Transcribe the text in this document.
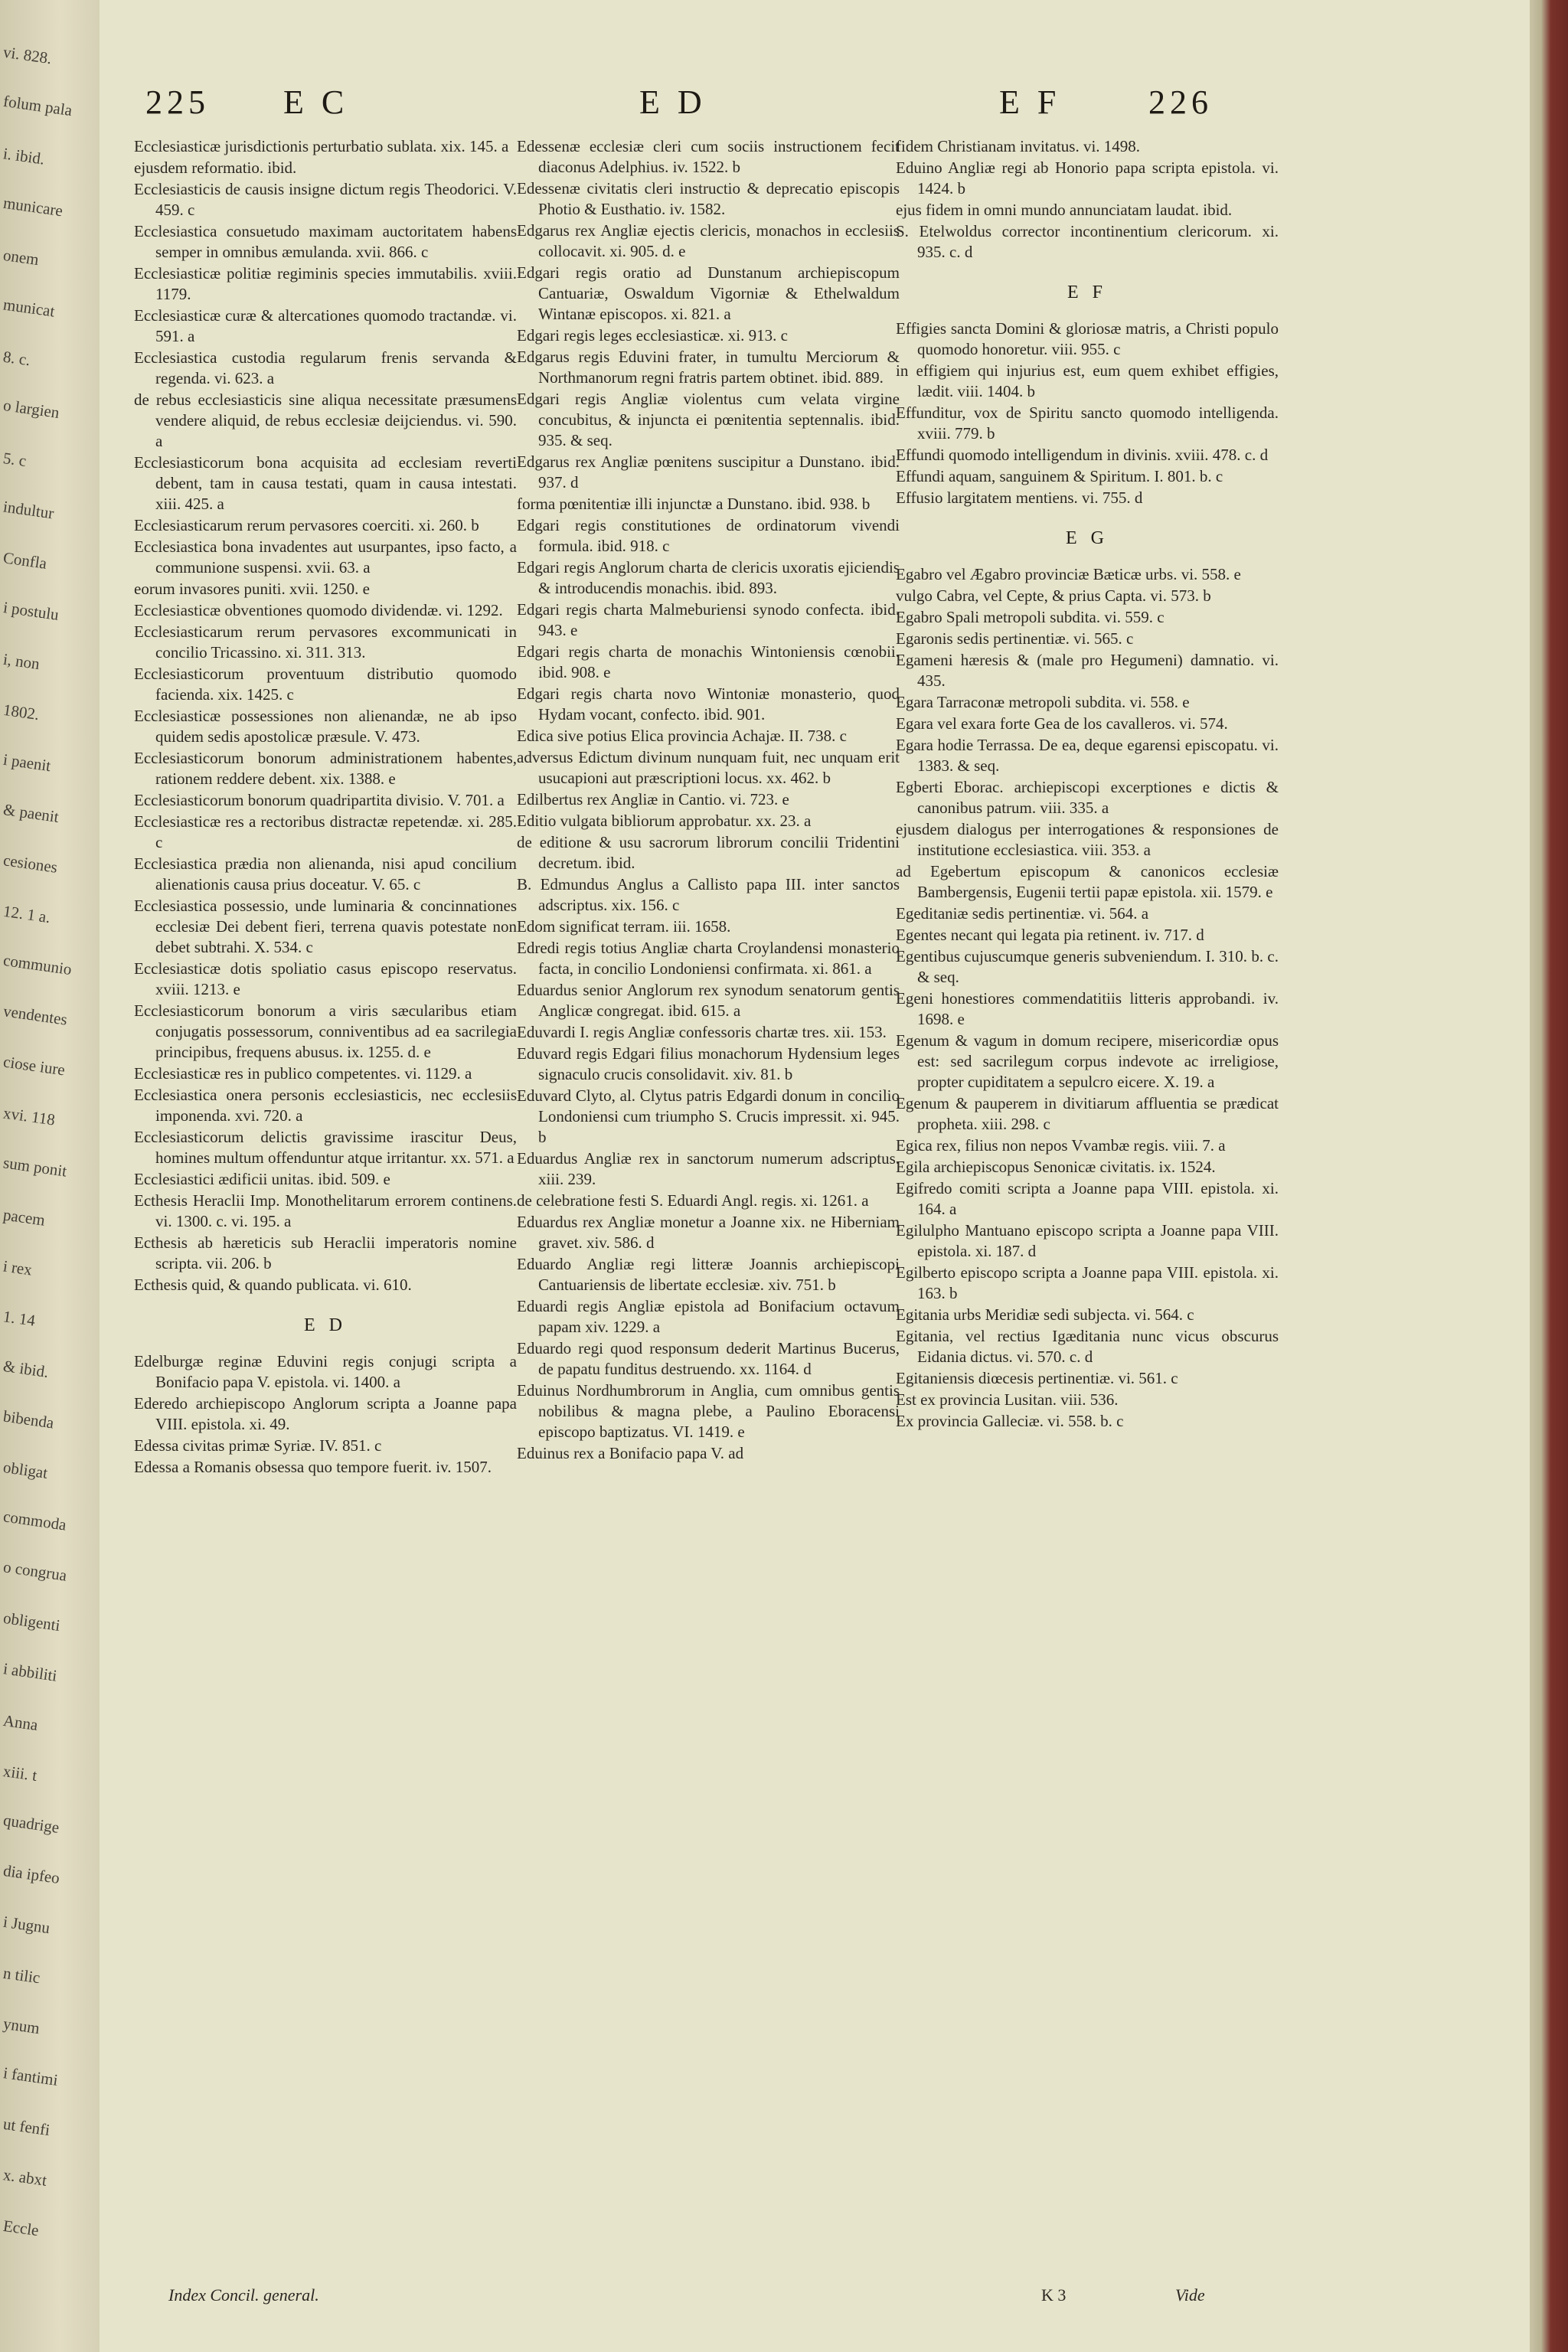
vi. 828.
folum pala
i. ibid.
municare
onem
municat
8. c.
o largien
5. c
indultur
Confla
i postulu
i, non
1802.
i paenit
& paenit
cesiones
12. 1 a.
communio
vendentes
ciose iure
xvi. 118
sum ponit
pacem
i rex
1. 14
& ibid.
bibenda
obligat
commoda
o congrua
obligenti
i abbiliti
Anna
xiii. t
quadrige
dia ipfeo
i Jugnu
n tilic
ynum
i fantimi
ut fenfi
x. abxt
Eccle
225 E C	E D	E F	226
Ecclesiasticæ jurisdictionis perturbatio sublata. xix. 145. a
ejusdem reformatio. ibid.
Ecclesiasticis de causis insigne dictum regis Theodorici. V. 459. c
Ecclesiastica consuetudo maximam auctoritatem habens semper in omnibus æmulanda. xvii. 866. c
Ecclesiasticæ politiæ regiminis species immutabilis. xviii. 1179.
Ecclesiasticæ curæ & altercationes quomodo tractandæ. vi. 591. a
Ecclesiastica custodia regularum frenis servanda & regenda. vi. 623. a
de rebus ecclesiasticis sine aliqua necessitate præsumens vendere aliquid, de rebus ecclesiæ deijciendus. vi. 590. a
Ecclesiasticorum bona acquisita ad ecclesiam reverti debent, tam in causa testati, quam in causa intestati. xiii. 425. a
Ecclesiasticarum rerum pervasores coerciti. xi. 260. b
Ecclesiastica bona invadentes aut usurpantes, ipso facto, a communione suspensi. xvii. 63. a
eorum invasores puniti. xvii. 1250. e
Ecclesiasticæ obventiones quomodo dividendæ. vi. 1292.
Ecclesiasticarum rerum pervasores excommunicati in concilio Tricassino. xi. 311. 313.
Ecclesiasticorum proventuum distributio quomodo facienda. xix. 1425. c
Ecclesiasticæ possessiones non alienandæ, ne ab ipso quidem sedis apostolicæ præsule. V. 473.
Ecclesiasticorum bonorum administrationem habentes, rationem reddere debent. xix. 1388. e
Ecclesiasticorum bonorum quadripartita divisio. V. 701. a
Ecclesiasticæ res a rectoribus distractæ repetendæ. xi. 285. c
Ecclesiastica prædia non alienanda, nisi apud concilium alienationis causa prius doceatur. V. 65. c
Ecclesiastica possessio, unde luminaria & concinnationes ecclesiæ Dei debent fieri, terrena quavis potestate non debet subtrahi. X. 534. c
Ecclesiasticæ dotis spoliatio casus episcopo reservatus. xviii. 1213. e
Ecclesiasticorum bonorum a viris sæcularibus etiam conjugatis possessorum, conniventibus ad ea sacrilegia principibus, frequens abusus. ix. 1255. d. e
Ecclesiasticæ res in publico competentes. vi. 1129. a
Ecclesiastica onera personis ecclesiasticis, nec ecclesiis imponenda. xvi. 720. a
Ecclesiasticorum delictis gravissime irascitur Deus, homines multum offenduntur atque irritantur. xx. 571. a
Ecclesiastici ædificii unitas. ibid. 509. e
Ecthesis Heraclii Imp. Monothelitarum errorem continens. vi. 1300. c. vi. 195. a
Ecthesis ab hæreticis sub Heraclii imperatoris nomine scripta. vii. 206. b
Ecthesis quid, & quando publicata. vi. 610.
E D
Edelburgæ reginæ Eduvini regis conjugi scripta a Bonifacio papa V. epistola. vi. 1400. a
Ederedo archiepiscopo Anglorum scripta a Joanne papa VIII. epistola. xi. 49.
Edessa civitas primæ Syriæ. IV. 851. c
Edessa a Romanis obsessa quo tempore fuerit. iv. 1507.
Edessenæ ecclesiæ cleri cum sociis instructionem fecit diaconus Adelphius. iv. 1522. b
Edessenæ civitatis cleri instructio & deprecatio episcopis Photio & Eusthatio. iv. 1582.
Edgarus rex Angliæ ejectis clericis, monachos in ecclesiis collocavit. xi. 905. d. e
Edgari regis oratio ad Dunstanum archiepiscopum Cantuariæ, Oswaldum Vigorniæ & Ethelwaldum Wintanæ episcopos. xi. 821. a
Edgari regis leges ecclesiasticæ. xi. 913. c
Edgarus regis Eduvini frater, in tumultu Merciorum & Northmanorum regni fratris partem obtinet. ibid. 889.
Edgari regis Angliæ violentus cum velata virgine concubitus, & injuncta ei pœnitentia septennalis. ibid. 935. & seq.
Edgarus rex Angliæ pœnitens suscipitur a Dunstano. ibid. 937. d
forma pœnitentiæ illi injunctæ a Dunstano. ibid. 938. b
Edgari regis constitutiones de ordinatorum vivendi formula. ibid. 918. c
Edgari regis Anglorum charta de clericis uxoratis ejiciendis & introducendis monachis. ibid. 893.
Edgari regis charta Malmeburiensi synodo confecta. ibid. 943. e
Edgari regis charta de monachis Wintoniensis cœnobii. ibid. 908. e
Edgari regis charta novo Wintoniæ monasterio, quod Hydam vocant, confecto. ibid. 901.
Edica sive potius Elica provincia Achajæ. II. 738. c
adversus Edictum divinum nunquam fuit, nec unquam erit usucapioni aut præscriptioni locus. xx. 462. b
Edilbertus rex Angliæ in Cantio. vi. 723. e
Editio vulgata bibliorum approbatur. xx. 23. a
de editione & usu sacrorum librorum concilii Tridentini decretum. ibid.
B. Edmundus Anglus a Callisto papa III. inter sanctos adscriptus. xix. 156. c
Edom significat terram. iii. 1658.
Edredi regis totius Angliæ charta Croylandensi monasterio facta, in concilio Londoniensi confirmata. xi. 861. a
Eduardus senior Anglorum rex synodum senatorum gentis Anglicæ congregat. ibid. 615. a
Eduvardi I. regis Angliæ confessoris chartæ tres. xii. 153.
Eduvard regis Edgari filius monachorum Hydensium leges signaculo crucis consolidavit. xiv. 81. b
Eduvard Clyto, al. Clytus patris Edgardi donum in concilio Londoniensi cum triumpho S. Crucis impressit. xi. 945. b
Eduardus Angliæ rex in sanctorum numerum adscriptus. xiii. 239.
de celebratione festi S. Eduardi Angl. regis. xi. 1261. a
Eduardus rex Angliæ monetur a Joanne xix. ne Hiberniam gravet. xiv. 586. d
Eduardo Angliæ regi litteræ Joannis archiepiscopi Cantuariensis de libertate ecclesiæ. xiv. 751. b
Eduardi regis Angliæ epistola ad Bonifacium octavum papam xiv. 1229. a
Eduardo regi quod responsum dederit Martinus Bucerus, de papatu funditus destruendo. xx. 1164. d
Eduinus Nordhumbrorum in Anglia, cum omnibus gentis nobilibus & magna plebe, a Paulino Eboracensi episcopo baptizatus. VI. 1419. e
Eduinus rex a Bonifacio papa V. ad
fidem Christianam invitatus. vi. 1498.
Eduino Angliæ regi ab Honorio papa scripta epistola. vi. 1424. b
ejus fidem in omni mundo annunciatam laudat. ibid.
S. Etelwoldus corrector incontinentium clericorum. xi. 935. c. d
E F
Effigies sancta Domini & gloriosæ matris, a Christi populo quomodo honoretur. viii. 955. c
in effigiem qui injurius est, eum quem exhibet effigies, lædit. viii. 1404. b
Effunditur, vox de Spiritu sancto quomodo intelligenda. xviii. 779. b
Effundi quomodo intelligendum in divinis. xviii. 478. c. d
Effundi aquam, sanguinem & Spiritum. I. 801. b. c
Effusio largitatem mentiens. vi. 755. d
E G
Egabro vel Ægabro provinciæ Bæticæ urbs. vi. 558. e
vulgo Cabra, vel Cepte, & prius Capta. vi. 573. b
Egabro Spali metropoli subdita. vi. 559. c
Egaronis sedis pertinentiæ. vi. 565. c
Egameni hæresis & (male pro Hegumeni) damnatio. vi. 435.
Egara Tarraconæ metropoli subdita. vi. 558. e
Egara vel exara forte Gea de los cavalleros. vi. 574.
Egara hodie Terrassa. De ea, deque egarensi episcopatu. vi. 1383. & seq.
Egberti Eborac. archiepiscopi excerptiones e dictis & canonibus patrum. viii. 335. a
ejusdem dialogus per interrogationes & responsiones de institutione ecclesiastica. viii. 353. a
ad Egebertum episcopum & canonicos ecclesiæ Bambergensis, Eugenii tertii papæ epistola. xii. 1579. e
Egeditaniæ sedis pertinentiæ. vi. 564. a
Egentes necant qui legata pia retinent. iv. 717. d
Egentibus cujuscumque generis subveniendum. I. 310. b. c. & seq.
Egeni honestiores commendatitiis litteris approbandi. iv. 1698. e
Egenum & vagum in domum recipere, misericordiæ opus est: sed sacrilegum corpus indevote ac irreligiose, propter cupiditatem a sepulcro eicere. X. 19. a
Egenum & pauperem in divitiarum affluentia se prædicat propheta. xiii. 298. c
Egica rex, filius non nepos Vvambæ regis. viii. 7. a
Egila archiepiscopus Senonicæ civitatis. ix. 1524.
Egifredo comiti scripta a Joanne papa VIII. epistola. xi. 164. a
Egilulpho Mantuano episcopo scripta a Joanne papa VIII. epistola. xi. 187. d
Egilberto episcopo scripta a Joanne papa VIII. epistola. xi. 163. b
Egitania urbs Meridiæ sedi subjecta. vi. 564. c
Egitania, vel rectius Igæditania nunc vicus obscurus Eidania dictus. vi. 570. c. d
Egitaniensis diœcesis pertinentiæ. vi. 561. c
Est ex provincia Lusitan. viii. 536.
Ex provincia Galleciæ. vi. 558. b. c
Index Concil. general.	K 3	Vide
